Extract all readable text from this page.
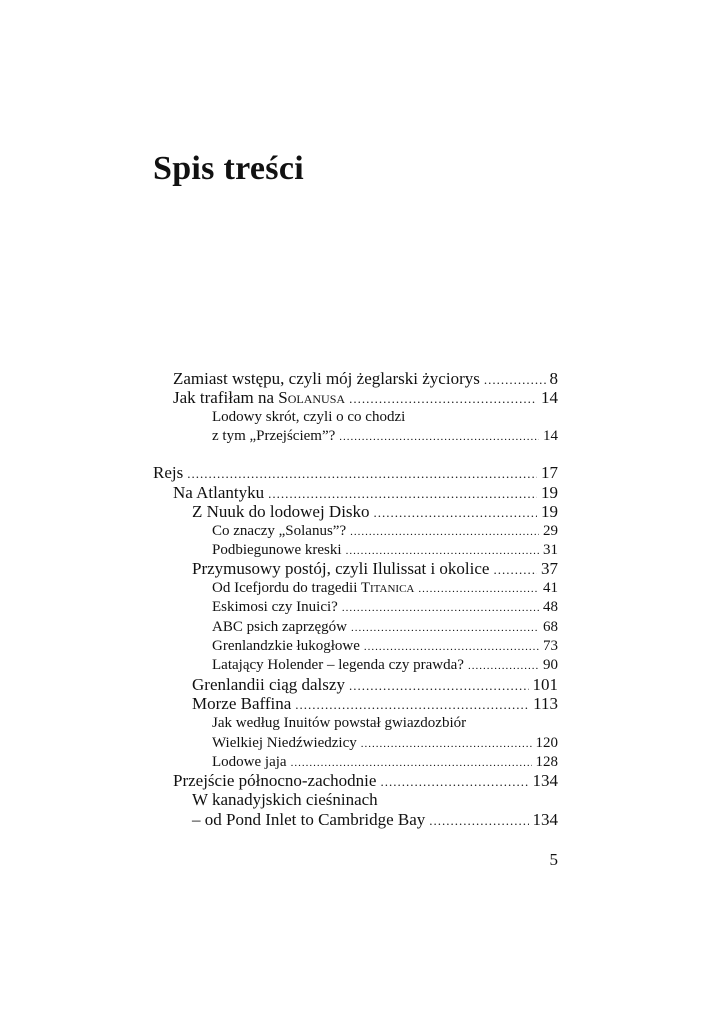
Spis treści
Zamiast wstępu, czyli mój żeglarski życiorys .....	8
Jak trafiłam na SOLANUSA .....	14
Lodowy skrót, czyli o co chodzi
z tym „Przejściem”? .....	14
Rejs .....	17
Na Atlantyku .....	19
Z Nuuk do lodowej Disko .....	19
Co znaczy „Solanus”? .....	29
Podbiegunowe kreski .....	31
Przymusowy postój, czyli Ilulissat i okolice .....	37
Od Icefjordu do tragedii TITANICA .....	41
Eskimosi czy Inuici? .....	48
ABC psich zaprzęgów .....	68
Grenlandzkie łukogłowe .....	73
Latający Holender – legenda czy prawda? .....	90
Grenlandii ciąg dalszy .....	101
Morze Baffina .....	113
Jak według Inuitów powstał gwiazdozbiór
Wielkiej Niedźwiedzicy .....	120
Lodowe jaja .....	128
Przejście północno-zachodnie .....	134
W kanadyjskich cieśninach
– od Pond Inlet to Cambridge Bay .....	134
5
